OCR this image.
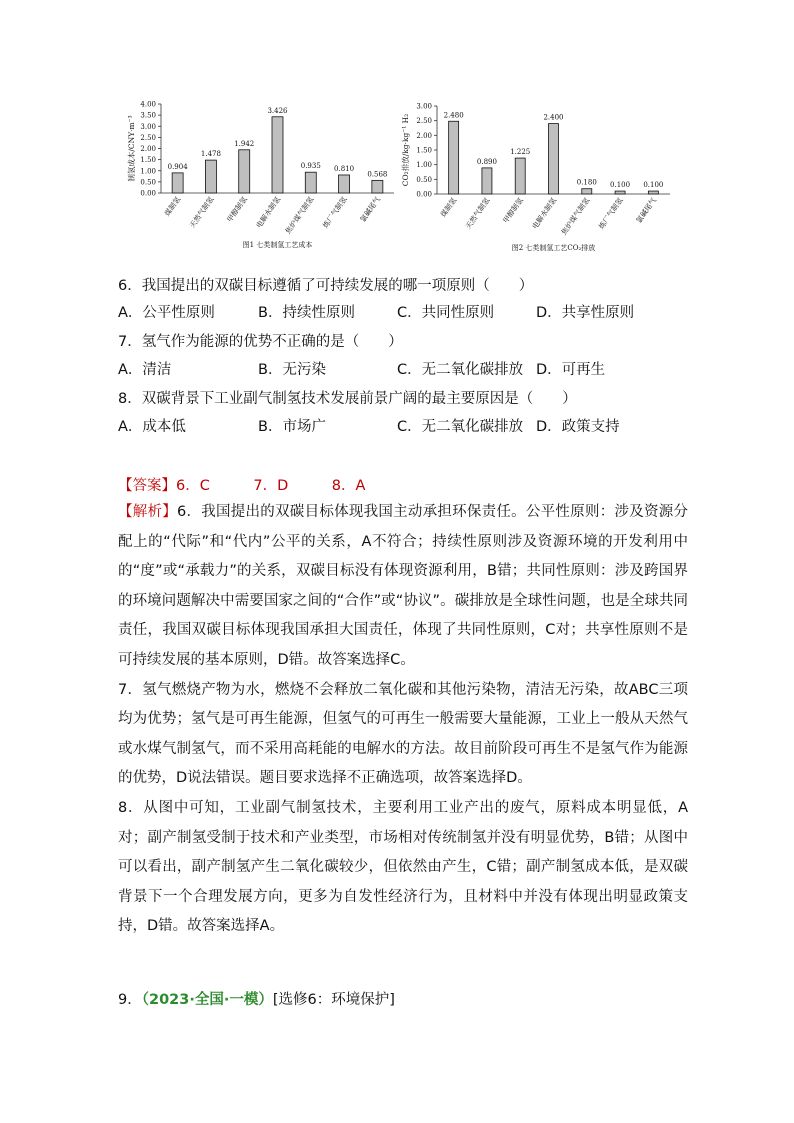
4.00
3.50
3.00
2.50
2.00
1.50
1.00
0.50
0.00
制氢成本/CNY·m⁻³	0.904
煤制氢
1.478
天然气制氢
1.942
甲醇制氢
3.426
电解水制氢
0.935
焦炉煤气制氢
0.810
炼厂气制氢
0.568
氯碱尾气
图1 七类制氢工艺成本
3.00
2.50
2.00
1.50
1.00
0.50
0.00
CO₂排放/kg·kg⁻¹ H₂	2.480
煤制氢
0.890
天然气制氢
1.225
甲醇制氢
2.400
电解水制氢
0.180
焦炉煤气制氢
0.100
炼厂气制氢
0.100
氯碱尾气
图2 七类制氢工艺CO₂排放
6．我国提出的双碳目标遵循了可持续发展的哪一项原则（　　）
A．公平性原则	B．持续性原则	C．共同性原则	D．共享性原则
7．氢气作为能源的优势不正确的是（　　）
A．清洁	B．无污染	C．无二氧化碳排放 D．可再生
8．双碳背景下工业副气制氢技术发展前景广阔的最主要原因是（　　）
A．成本低	B．市场广	C．无二氧化碳排放 D．政策支持
【答案】6．C　　　7．D　　　8．A

【解析】6．我国提出的双碳目标体现我国主动承担环保责任。公平性原则：涉及资源分配上的“代际”和“代内”公平的关系，A不符合；持续性原则涉及资源环境的开发利用中的“度”或“承载力”的关系，双碳目标没有体现资源利用，B错；共同性原则：涉及跨国界的环境问题解决中需要国家之间的“合作”或“协议”。碳排放是全球性问题，也是全球共同责任，我国双碳目标体现我国承担大国责任，体现了共同性原则，C对；共享性原则不是可持续发展的基本原则，D错。故答案选择C。

7．氢气燃烧产物为水，燃烧不会释放二氧化碳和其他污染物，清洁无污染，故ABC三项均为优势；氢气是可再生能源，但氢气的可再生一般需要大量能源，工业上一般从天然气或水煤气制氢气，而不采用高耗能的电解水的方法。故目前阶段可再生不是氢气作为能源的优势，D说法错误。题目要求选择不正确选项，故答案选择D。

8．从图中可知，工业副气制氢技术，主要利用工业产出的废气，原料成本明显低，A对；副产制氢受制于技术和产业类型，市场相对传统制氢并没有明显优势，B错；从图中可以看出，副产制氢产生二氧化碳较少，但依然由产生，C错；副产制氢成本低，是双碳背景下一个合理发展方向，更多为自发性经济行为，且材料中并没有体现出明显政策支持，D错。故答案选择A。

9．（2023·全国·一模）[选修6：环境保护]
